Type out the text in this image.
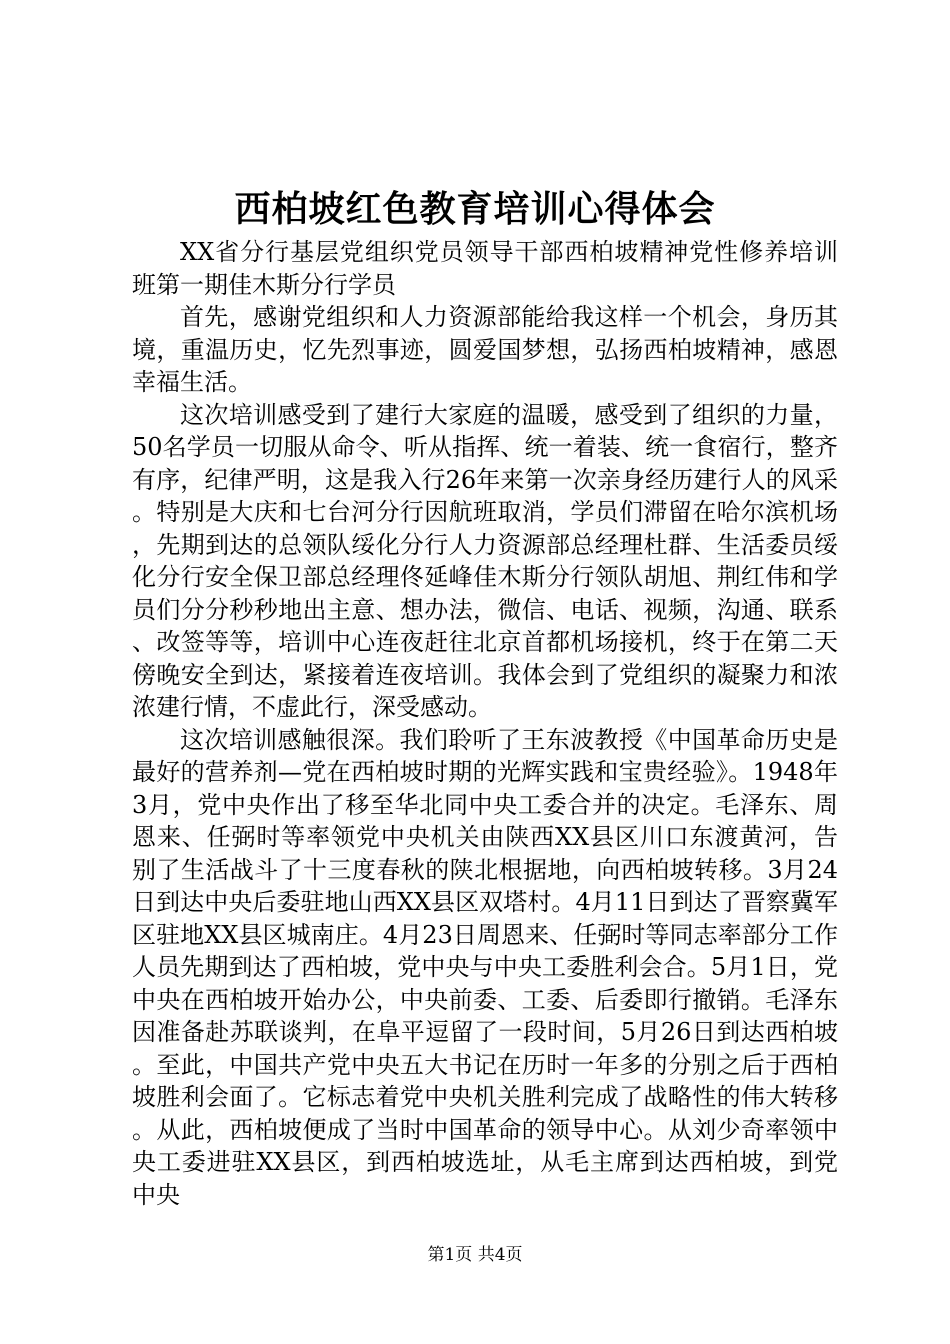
西柏坡红色教育培训心得体会

XX省分行基层党组织党员领导干部西柏坡精神党性修养培训班第一期佳木斯分行学员

首先，感谢党组织和人力资源部能给我这样一个机会，身历其境，重温历史，忆先烈事迹，圆爱国梦想，弘扬西柏坡精神，感恩幸福生活。

这次培训感受到了建行大家庭的温暖，感受到了组织的力量，50名学员一切服从命令、听从指挥、统一着装、统一食宿行，整齐有序，纪律严明，这是我入行26年来第一次亲身经历建行人的风采。特别是大庆和七台河分行因航班取消，学员们滞留在哈尔滨机场，先期到达的总领队绥化分行人力资源部总经理杜群、生活委员绥化分行安全保卫部总经理佟延峰佳木斯分行领队胡旭、荆红伟和学员们分分秒秒地出主意、想办法，微信、电话、视频，沟通、联系、改签等等，培训中心连夜赶往北京首都机场接机，终于在第二天傍晚安全到达，紧接着连夜培训。我体会到了党组织的凝聚力和浓浓建行情，不虚此行，深受感动。

这次培训感触很深。我们聆听了王东波教授《中国革命历史是最好的营养剂—党在西柏坡时期的光辉实践和宝贵经验》。1948年3月，党中央作出了移至华北同中央工委合并的决定。毛泽东、周恩来、任弼时等率领党中央机关由陕西XX县区川口东渡黄河，告别了生活战斗了十三度春秋的陕北根据地，向西柏坡转移。3月24日到达中央后委驻地山西XX县区双塔村。4月11日到达了晋察冀军区驻地XX县区城南庄。4月23日周恩来、任弼时等同志率部分工作人员先期到达了西柏坡，党中央与中央工委胜利会合。5月1日，党中央在西柏坡开始办公，中央前委、工委、后委即行撤销。毛泽东因准备赴苏联谈判，在阜平逗留了一段时间，5月26日到达西柏坡。至此，中国共产党中央五大书记在历时一年多的分别之后于西柏坡胜利会面了。它标志着党中央机关胜利完成了战略性的伟大转移。从此，西柏坡便成了当时中国革命的领导中心。从刘少奇率领中央工委进驻XX县区，到西柏坡选址，从毛主席到达西柏坡，到党中央

第1页 共4页
